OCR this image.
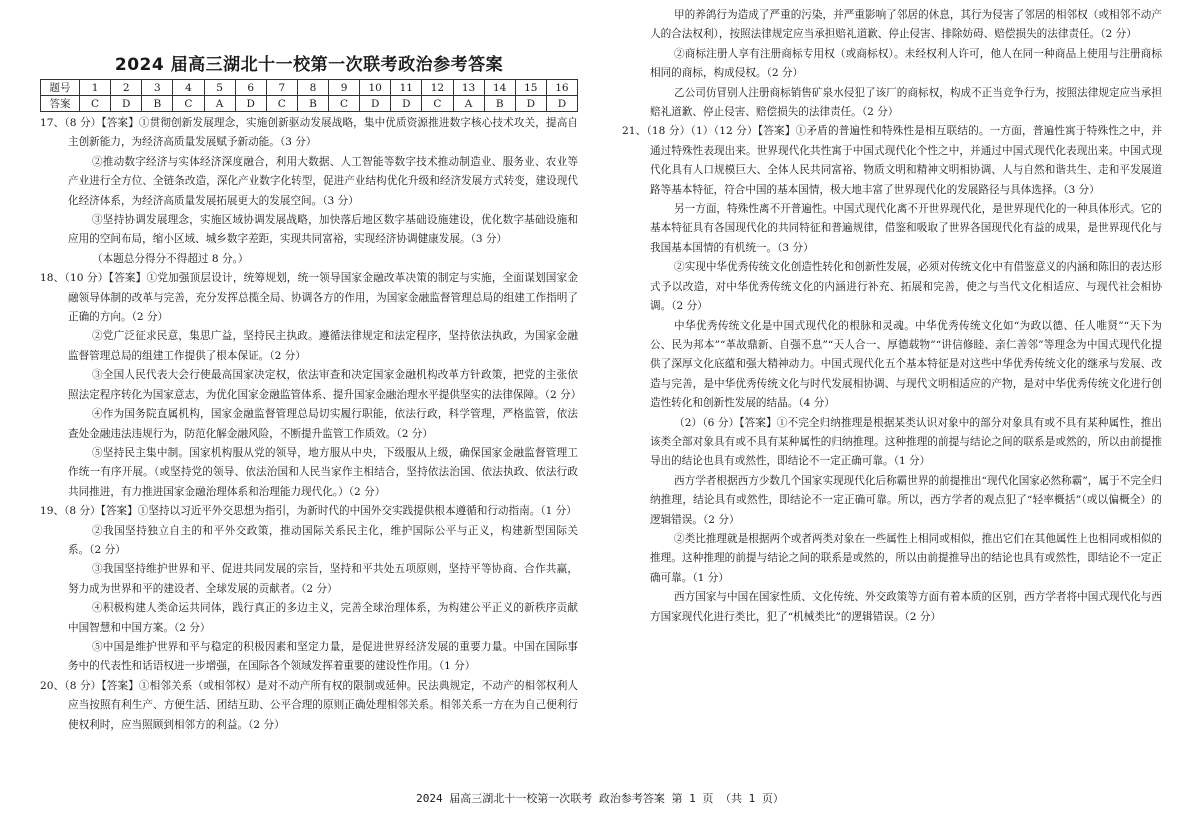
2024 届高三湖北十一校第一次联考政治参考答案
题号	1	2	3	4	5	6	7	8	9	10	11	12	13	14	15	16
答案	C	D	B	C	A	D	C	B	C	D	D	C	A	B	D	D

17、（8 分）【答案】①贯彻创新发展理念，实施创新驱动发展战略，集中优质资源推进数字核心技术攻关，提高自主创新能力，为经济高质量发展赋予新动能。（3 分）

②推动数字经济与实体经济深度融合，利用大数据、人工智能等数字技术推动制造业、服务业、农业等产业进行全方位、全链条改造，深化产业数字化转型，促进产业结构优化升级和经济发展方式转变，建设现代化经济体系，为经济高质量发展拓展更大的发展空间。（3 分）

③坚持协调发展理念，实施区域协调发展战略，加快落后地区数字基础设施建设，优化数字基础设施和应用的空间布局，缩小区域、城乡数字差距，实现共同富裕，实现经济协调健康发展。（3 分）

（本题总分得分不得超过 8 分。）

18、（10 分）【答案】①党加强顶层设计，统筹规划，统一领导国家金融改革决策的制定与实施，全面谋划国家金融领导体制的改革与完善，充分发挥总揽全局、协调各方的作用，为国家金融监督管理总局的组建工作指明了正确的方向。（2 分）

②党广泛征求民意，集思广益，坚持民主执政。遵循法律规定和法定程序，坚持依法执政，为国家金融监督管理总局的组建工作提供了根本保证。（2 分）

③全国人民代表大会行使最高国家决定权，依法审查和决定国家金融机构改革方针政策，把党的主张依照法定程序转化为国家意志，为优化国家金融监管体系、提升国家金融治理水平提供坚实的法律保障。（2 分）

④作为国务院直属机构，国家金融监督管理总局切实履行职能，依法行政，科学管理，严格监管，依法查处金融违法违规行为，防范化解金融风险，不断提升监管工作质效。（2 分）

⑤坚持民主集中制。国家机构服从党的领导，地方服从中央，下级服从上级，确保国家金融监督管理工作统一有序开展。（或坚持党的领导、依法治国和人民当家作主相结合，坚持依法治国、依法执政、依法行政共同推进，有力推进国家金融治理体系和治理能力现代化。）（2 分）

19、（8 分）【答案】①坚持以习近平外交思想为指引，为新时代的中国外交实践提供根本遵循和行动指南。（1 分）

②我国坚持独立自主的和平外交政策，推动国际关系民主化，维护国际公平与正义，构建新型国际关系。（2 分）

③我国坚持维护世界和平、促进共同发展的宗旨，坚持和平共处五项原则，坚持平等协商、合作共赢，努力成为世界和平的建设者、全球发展的贡献者。（2 分）

④积极构建人类命运共同体，践行真正的多边主义，完善全球治理体系，为构建公平正义的新秩序贡献中国智慧和中国方案。（2 分）

⑤中国是维护世界和平与稳定的积极因素和坚定力量，是促进世界经济发展的重要力量。中国在国际事务中的代表性和话语权进一步增强，在国际各个领域发挥着重要的建设性作用。（1 分）

20、（8 分）【答案】①相邻关系（或相邻权）是对不动产所有权的限制或延伸。民法典规定，不动产的相邻权利人应当按照有利生产、方便生活、团结互助、公平合理的原则正确处理相邻关系。相邻关系一方在为自己便利行使权利时，应当照顾到相邻方的利益。（2 分）

甲的养鸽行为造成了严重的污染，并严重影响了邻居的休息，其行为侵害了邻居的相邻权（或相邻不动产人的合法权利），按照法律规定应当承担赔礼道歉、停止侵害、排除妨碍、赔偿损失的法律责任。（2 分）

②商标注册人享有注册商标专用权（或商标权）。未经权利人许可，他人在同一种商品上使用与注册商标相同的商标，构成侵权。（2 分）

乙公司仿冒别人注册商标销售矿泉水侵犯了该厂的商标权，构成不正当竞争行为，按照法律规定应当承担赔礼道歉、停止侵害、赔偿损失的法律责任。（2 分）

21、（18 分）（1）（12 分）【答案】①矛盾的普遍性和特殊性是相互联结的。一方面，普遍性寓于特殊性之中，并通过特殊性表现出来。世界现代化共性寓于中国式现代化个性之中，并通过中国式现代化表现出来。中国式现代化具有人口规模巨大、全体人民共同富裕、物质文明和精神文明相协调、人与自然和谐共生、走和平发展道路等基本特征，符合中国的基本国情，极大地丰富了世界现代化的发展路径与具体选择。（3 分）

另一方面，特殊性离不开普遍性。中国式现代化离不开世界现代化，是世界现代化的一种具体形式。它的基本特征具有各国现代化的共同特征和普遍规律，借鉴和吸取了世界各国现代化有益的成果，是世界现代化与我国基本国情的有机统一。（3 分）

②实现中华优秀传统文化创造性转化和创新性发展，必须对传统文化中有借鉴意义的内涵和陈旧的表达形式予以改造，对中华优秀传统文化的内涵进行补充、拓展和完善，使之与当代文化相适应、与现代社会相协调。（2 分）

中华优秀传统文化是中国式现代化的根脉和灵魂。中华优秀传统文化如“为政以德、任人唯贤”“天下为公、民为邦本”“革故鼎新、自强不息”“天人合一、厚德载物”“讲信修睦、亲仁善邻”等理念为中国式现代化提供了深厚文化底蕴和强大精神动力。中国式现代化五个基本特征是对这些中华优秀传统文化的继承与发展、改造与完善，是中华优秀传统文化与时代发展相协调、与现代文明相适应的产物，是对中华优秀传统文化进行创造性转化和创新性发展的结晶。（4 分）

（2）（6 分）【答案】①不完全归纳推理是根据某类认识对象中的部分对象具有或不具有某种属性，推出该类全部对象具有或不具有某种属性的归纳推理。这种推理的前提与结论之间的联系是或然的，所以由前提推导出的结论也具有或然性，即结论不一定正确可靠。（1 分）

西方学者根据西方少数几个国家实现现代化后称霸世界的前提推出“现代化国家必然称霸”，属于不完全归纳推理，结论具有或然性，即结论不一定正确可靠。所以，西方学者的观点犯了“轻率概括”（或以偏概全）的逻辑错误。（2 分）

②类比推理就是根据两个或者两类对象在一些属性上相同或相似，推出它们在其他属性上也相同或相似的推理。这种推理的前提与结论之间的联系是或然的，所以由前提推导出的结论也具有或然性，即结论不一定正确可靠。（1 分）

西方国家与中国在国家性质、文化传统、外交政策等方面有着本质的区别，西方学者将中国式现代化与西方国家现代化进行类比，犯了“机械类比”的逻辑错误。（2 分）

2024 届高三湖北十一校第一次联考 政治参考答案 第 1 页 （共 1 页）
